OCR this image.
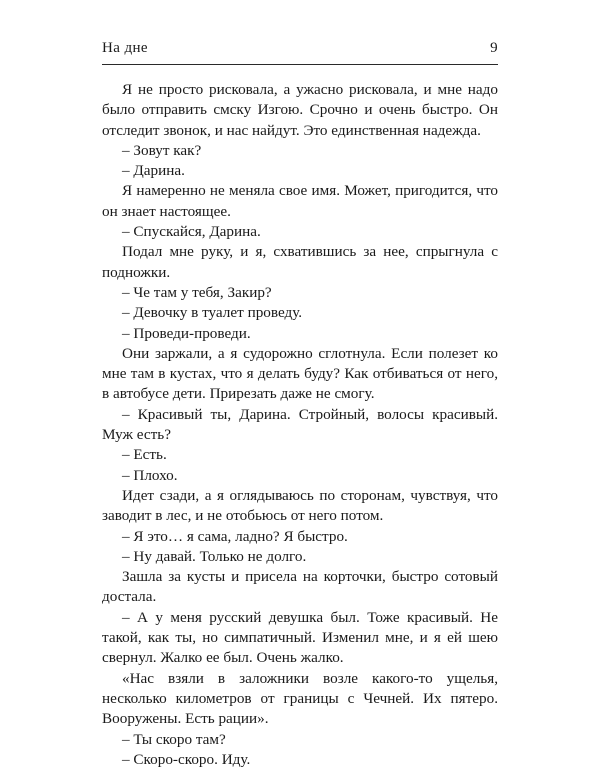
На дне	9

Я не просто рисковала, а ужасно рисковала, и мне надо было отправить смску Изгою. Срочно и очень быстро. Он отследит звонок, и нас найдут. Это единственная надежда.

– Зовут как?

– Дарина.

Я намеренно не меняла свое имя. Может, пригодится, что он знает настоящее.

– Спускайся, Дарина.

Подал мне руку, и я, схватившись за нее, спрыгнула с подножки.

– Че там у тебя, Закир?

– Девочку в туалет проведу.

– Проведи-проведи.

Они заржали, а я судорожно сглотнула. Если полезет ко мне там в кустах, что я делать буду? Как отбиваться от него, в автобусе дети. Прирезать даже не смогу.

– Красивый ты, Дарина. Стройный, волосы красивый. Муж есть?

– Есть.

– Плохо.

Идет сзади, а я оглядываюсь по сторонам, чувствуя, что заводит в лес, и не отобьюсь от него потом.

– Я это… я сама, ладно? Я быстро.

– Ну давай. Только не долго.

Зашла за кусты и присела на корточки, быстро сотовый достала.

– А у меня русский девушка был. Тоже красивый. Не такой, как ты, но симпатичный. Изменил мне, и я ей шею свернул. Жалко ее был. Очень жалко.

«Нас взяли в заложники возле какого-то ущелья, несколько километров от границы с Чечней. Их пятеро. Вооружены. Есть рации».

– Ты скоро там?

– Скоро-скоро. Иду.
